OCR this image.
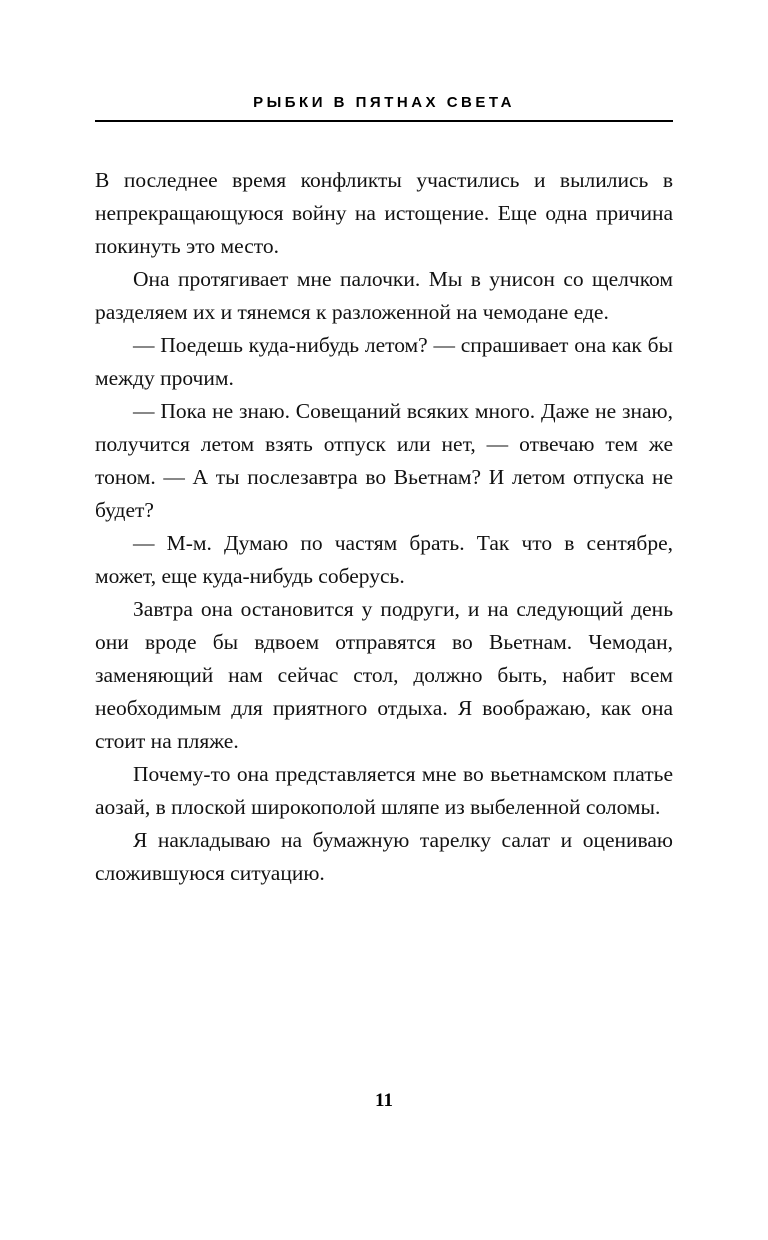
РЫБКИ В ПЯТНАХ СВЕТА

В последнее время конфликты участились и вылились в непрекращающуюся войну на истощение. Еще одна причина покинуть это место.

Она протягивает мне палочки. Мы в унисон со щелчком разделяем их и тянемся к разложенной на чемодане еде.

— Поедешь куда-нибудь летом? — спрашивает она как бы между прочим.

— Пока не знаю. Совещаний всяких много. Даже не знаю, получится летом взять отпуск или нет, — отвечаю тем же тоном. — А ты послезавтра во Вьетнам? И летом отпуска не будет?

— М-м. Думаю по частям брать. Так что в сентябре, может, еще куда-нибудь соберусь.

Завтра она остановится у подруги, и на следующий день они вроде бы вдвоем отправятся во Вьетнам. Чемодан, заменяющий нам сейчас стол, должно быть, набит всем необходимым для приятного отдыха. Я воображаю, как она стоит на пляже.

Почему-то она представляется мне во вьетнамском платье аозай, в плоской широкополой шляпе из выбеленной соломы.

Я накладываю на бумажную тарелку салат и оцениваю сложившуюся ситуацию.

11
